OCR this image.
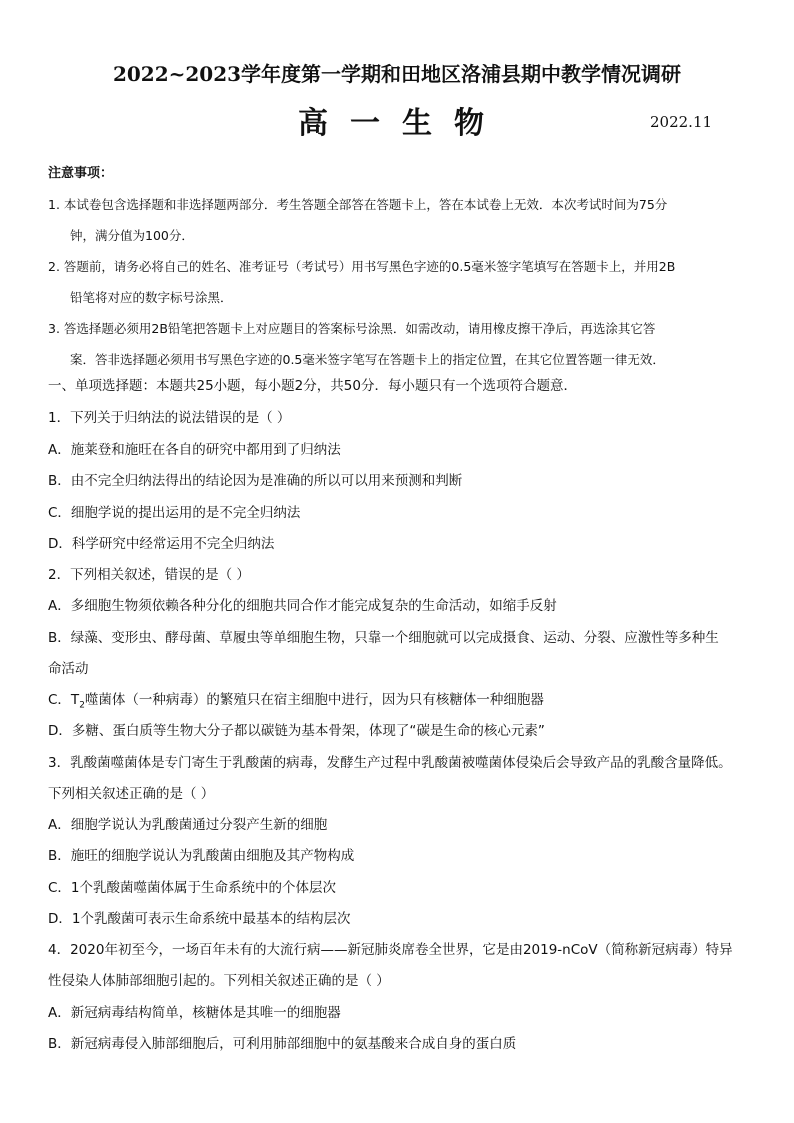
2022~2023学年度第一学期和田地区洛浦县期中教学情况调研
高一生物	2022.11
注意事项：
1. 本试卷包含选择题和非选择题两部分．考生答题全部答在答题卡上，答在本试卷上无效．本次考试时间为75分
钟，满分值为100分．
2. 答题前，请务必将自己的姓名、准考证号（考试号）用书写黑色字迹的0.5毫米签字笔填写在答题卡上，并用2B
铅笔将对应的数字标号涂黑．
3. 答选择题必须用2B铅笔把答题卡上对应题目的答案标号涂黑．如需改动，请用橡皮擦干净后，再选涂其它答
案．答非选择题必须用书写黑色字迹的0.5毫米签字笔写在答题卡上的指定位置，在其它位置答题一律无效．
一、单项选择题：本题共25小题，每小题2分，共50分．每小题只有一个选项符合题意．
1．下列关于归纳法的说法错误的是（ ）
A．施莱登和施旺在各自的研究中都用到了归纳法
B．由不完全归纳法得出的结论因为是准确的所以可以用来预测和判断
C．细胞学说的提出运用的是不完全归纳法
D．科学研究中经常运用不完全归纳法
2．下列相关叙述，错误的是（ ）
A．多细胞生物须依赖各种分化的细胞共同合作才能完成复杂的生命活动，如缩手反射
B．绿藻、变形虫、酵母菌、草履虫等单细胞生物，只靠一个细胞就可以完成摄食、运动、分裂、应激性等多种生
命活动
C．$T_2$噬菌体（一种病毒）的繁殖只在宿主细胞中进行，因为只有核糖体一种细胞器
D．多糖、蛋白质等生物大分子都以碳链为基本骨架，体现了“碳是生命的核心元素”
3．乳酸菌噬菌体是专门寄生于乳酸菌的病毒，发酵生产过程中乳酸菌被噬菌体侵染后会导致产品的乳酸含量降低。
下列相关叙述正确的是（ ）
A．细胞学说认为乳酸菌通过分裂产生新的细胞
B．施旺的细胞学说认为乳酸菌由细胞及其产物构成
C．1个乳酸菌噬菌体属于生命系统中的个体层次
D．1个乳酸菌可表示生命系统中最基本的结构层次
4．2020年初至今，一场百年未有的大流行病——新冠肺炎席卷全世界，它是由2019-nCoV（简称新冠病毒）特异
性侵染人体肺部细胞引起的。下列相关叙述正确的是（ ）
A．新冠病毒结构简单，核糖体是其唯一的细胞器
B．新冠病毒侵入肺部细胞后，可利用肺部细胞中的氨基酸来合成自身的蛋白质
